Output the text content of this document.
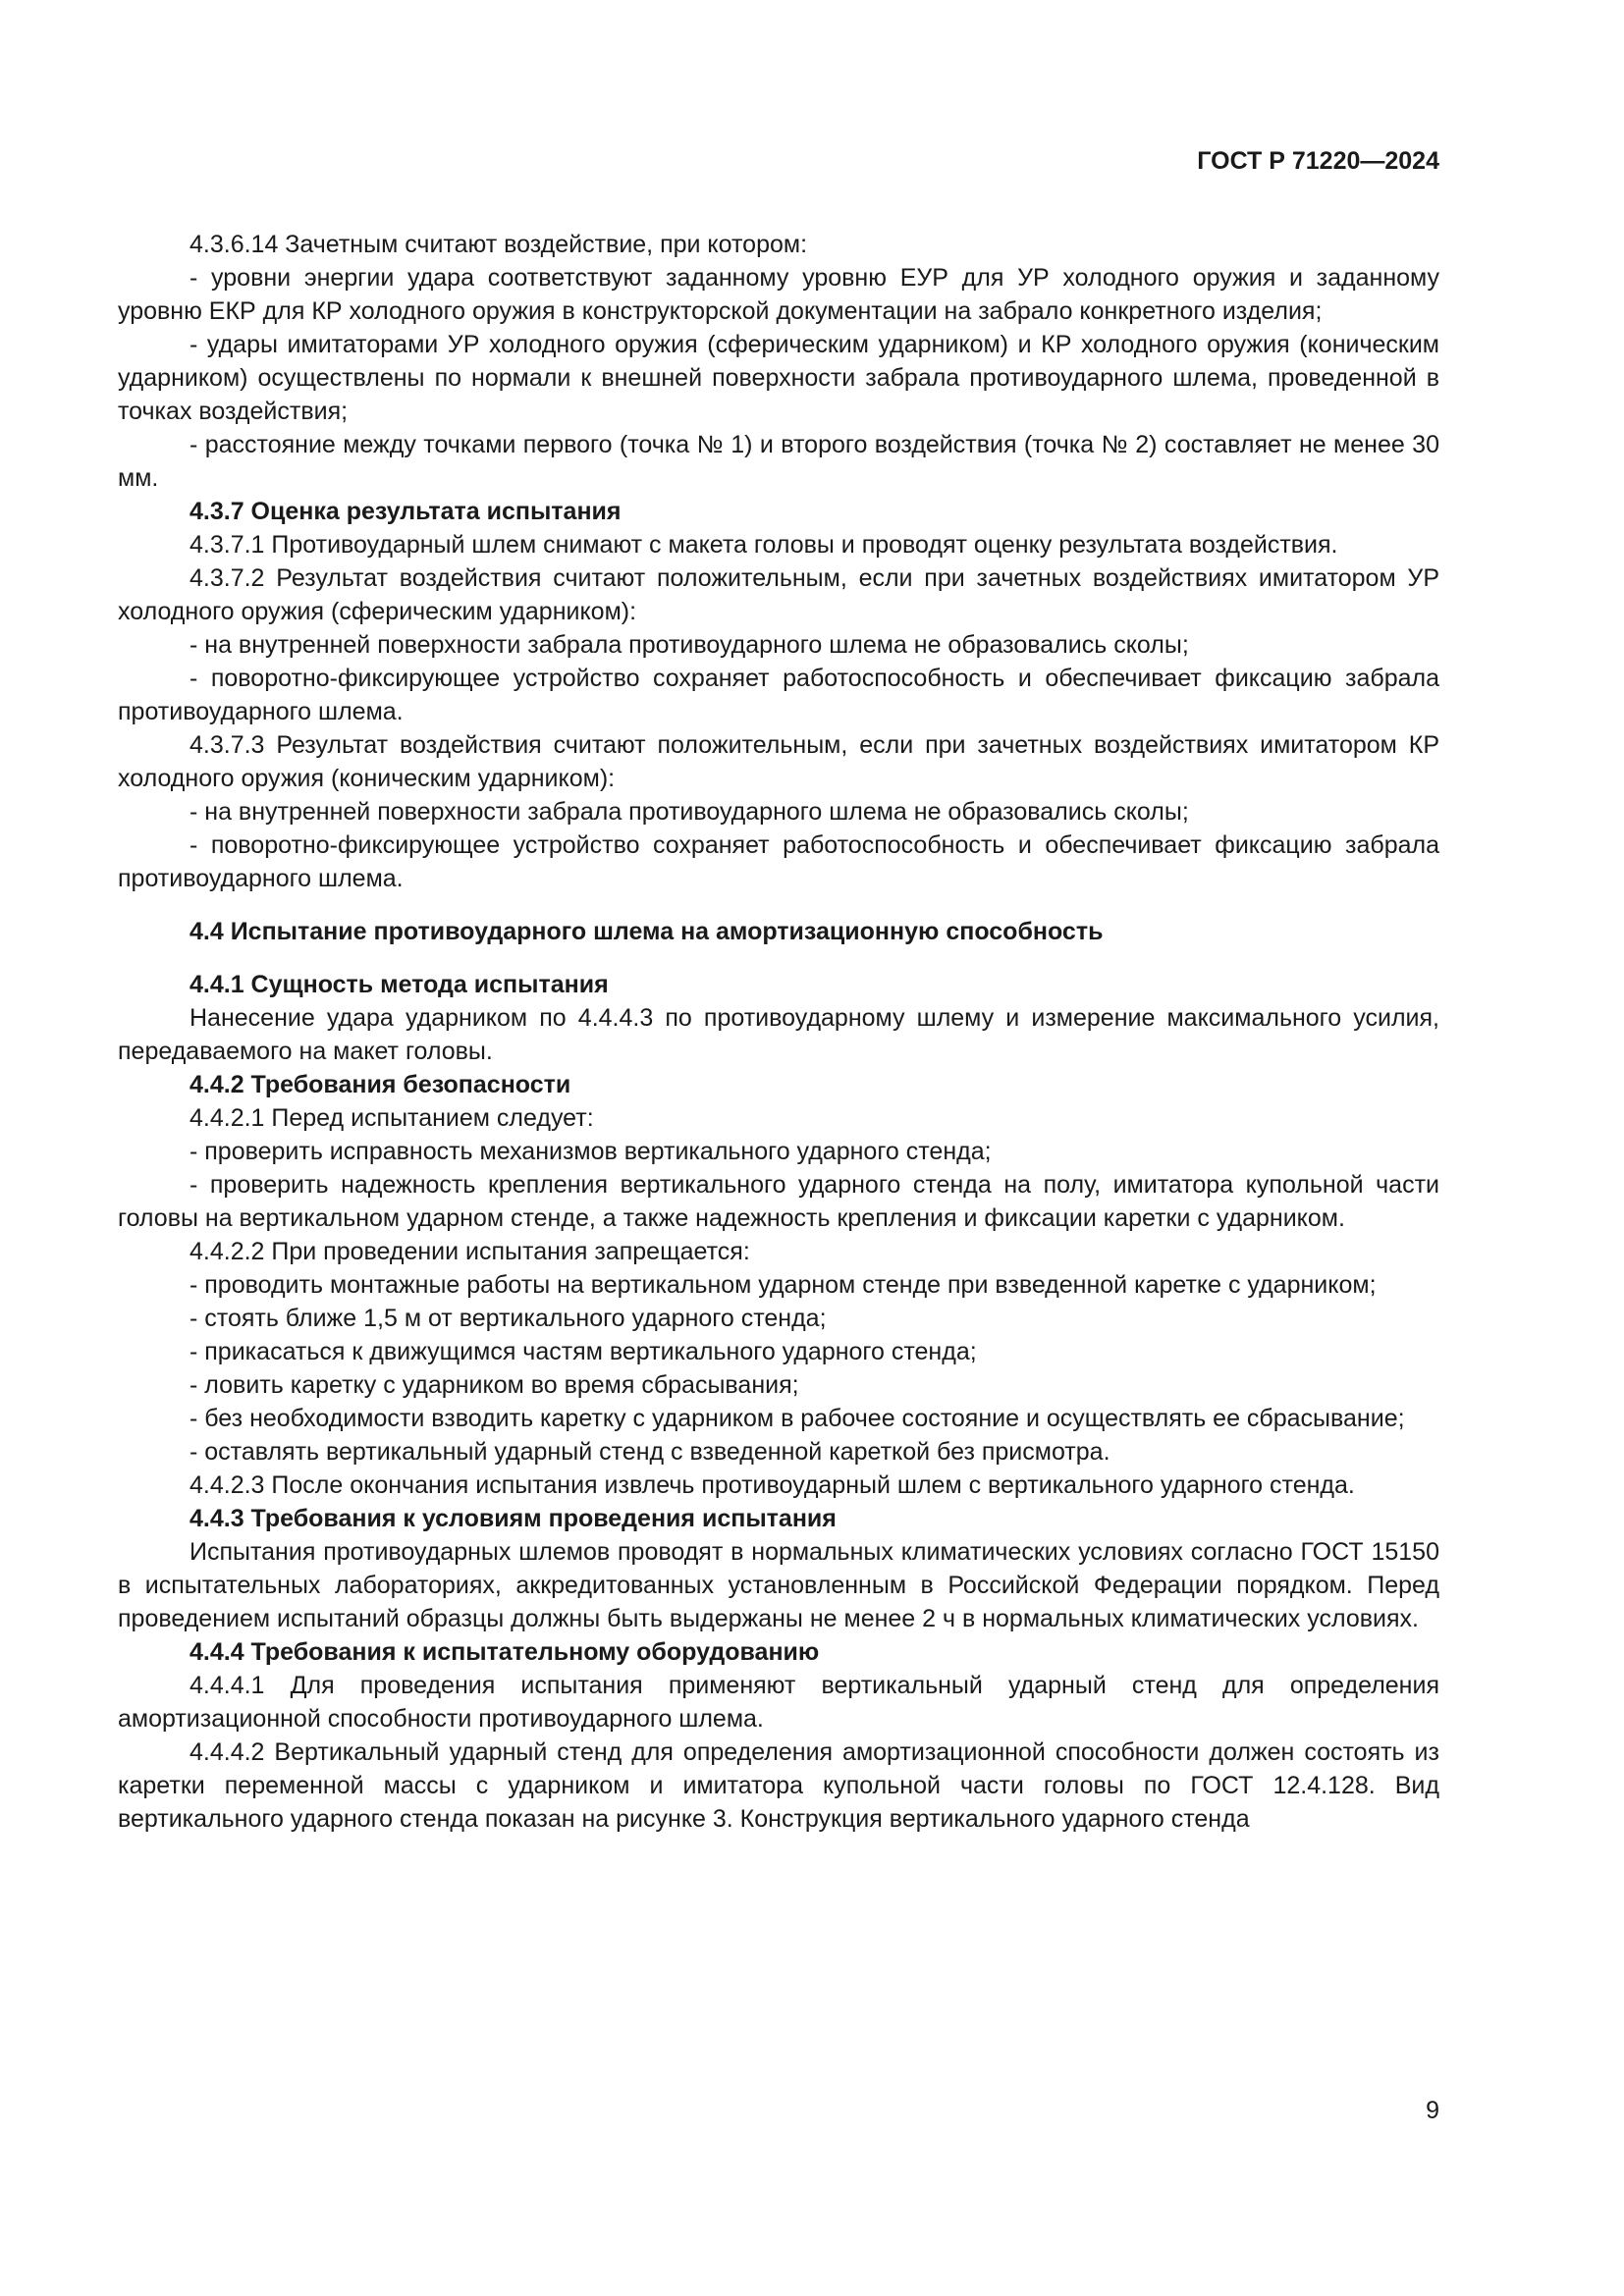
ГОСТ Р 71220—2024

4.3.6.14 Зачетным считают воздействие, при котором:

- уровни энергии удара соответствуют заданному уровню EУР для УР холодного оружия и заданному уровню EКР для КР холодного оружия в конструкторской документации на забрало конкретного изделия;

- удары имитаторами УР холодного оружия (сферическим ударником) и КР холодного оружия (коническим ударником) осуществлены по нормали к внешней поверхности забрала противоударного шлема, проведенной в точках воздействия;

- расстояние между точками первого (точка № 1) и второго воздействия (точка № 2) составляет не менее 30 мм.

4.3.7 Оценка результата испытания

4.3.7.1 Противоударный шлем снимают с макета головы и проводят оценку результата воздействия.

4.3.7.2 Результат воздействия считают положительным, если при зачетных воздействиях имитатором УР холодного оружия (сферическим ударником):

- на внутренней поверхности забрала противоударного шлема не образовались сколы;

- поворотно-фиксирующее устройство сохраняет работоспособность и обеспечивает фиксацию забрала противоударного шлема.

4.3.7.3 Результат воздействия считают положительным, если при зачетных воздействиях имитатором КР холодного оружия (коническим ударником):

- на внутренней поверхности забрала противоударного шлема не образовались сколы;

- поворотно-фиксирующее устройство сохраняет работоспособность и обеспечивает фиксацию забрала противоударного шлема.

4.4 Испытание противоударного шлема на амортизационную способность

4.4.1 Сущность метода испытания

Нанесение удара ударником по 4.4.4.3 по противоударному шлему и измерение максимального усилия, передаваемого на макет головы.

4.4.2 Требования безопасности

4.4.2.1 Перед испытанием следует:

- проверить исправность механизмов вертикального ударного стенда;

- проверить надежность крепления вертикального ударного стенда на полу, имитатора купольной части головы на вертикальном ударном стенде, а также надежность крепления и фиксации каретки с ударником.

4.4.2.2 При проведении испытания запрещается:

- проводить монтажные работы на вертикальном ударном стенде при взведенной каретке с ударником;

- стоять ближе 1,5 м от вертикального ударного стенда;

- прикасаться к движущимся частям вертикального ударного стенда;

- ловить каретку с ударником во время сбрасывания;

- без необходимости взводить каретку с ударником в рабочее состояние и осуществлять ее сбрасывание;

- оставлять вертикальный ударный стенд с взведенной кареткой без присмотра.

4.4.2.3 После окончания испытания извлечь противоударный шлем с вертикального ударного стенда.

4.4.3 Требования к условиям проведения испытания

Испытания противоударных шлемов проводят в нормальных климатических условиях согласно ГОСТ 15150 в испытательных лабораториях, аккредитованных установленным в Российской Федерации порядком. Перед проведением испытаний образцы должны быть выдержаны не менее 2 ч в нормальных климатических условиях.

4.4.4 Требования к испытательному оборудованию

4.4.4.1 Для проведения испытания применяют вертикальный ударный стенд для определения амортизационной способности противоударного шлема.

4.4.4.2 Вертикальный ударный стенд для определения амортизационной способности должен состоять из каретки переменной массы с ударником и имитатора купольной части головы по ГОСТ 12.4.128. Вид вертикального ударного стенда показан на рисунке 3. Конструкция вертикального ударного стенда

9
